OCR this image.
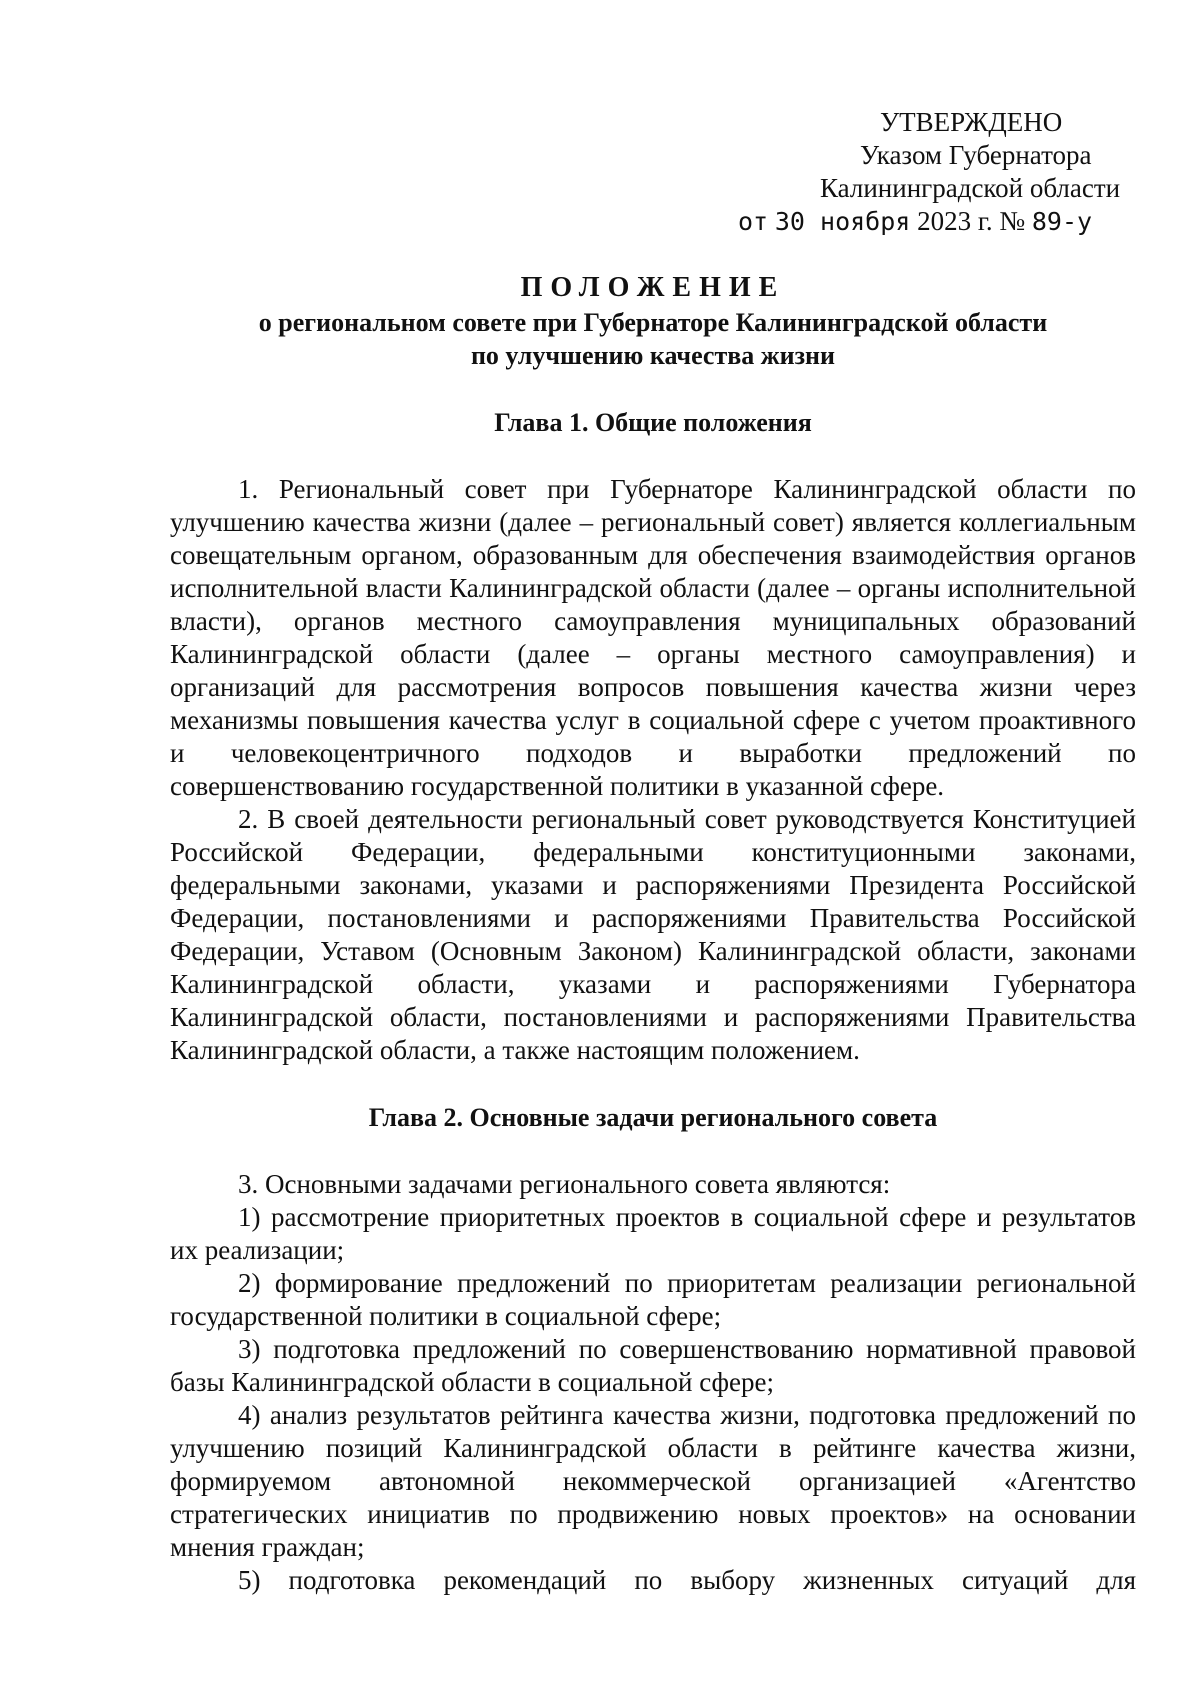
УТВЕРЖДЕНО
Указом Губернатора
Калининградской области
от 30 ноября 2023 г. № 89-у
ПОЛОЖЕНИЕ
о региональном совете при Губернаторе Калининградской области
по улучшению качества жизни
Глава 1. Общие положения

1. Региональный совет при Губернаторе Калининградской области по улучшению качества жизни (далее – региональный совет) является коллегиальным совещательным органом, образованным для обеспечения взаимодействия органов исполнительной власти Калининградской области (далее – органы исполнительной власти), органов местного самоуправления муниципальных образований Калининградской области (далее – органы местного самоуправления) и организаций для рассмотрения вопросов повышения качества жизни через механизмы повышения качества услуг в социальной сфере с учетом проактивного и человекоцентричного подходов и выработки предложений по совершенствованию государственной политики в указанной сфере.

2. В своей деятельности региональный совет руководствуется Конституцией Российской Федерации, федеральными конституционными законами, федеральными законами, указами и распоряжениями Президента Российской Федерации, постановлениями и распоряжениями Правительства Российской Федерации, Уставом (Основным Законом) Калининградской области, законами Калининградской области, указами и распоряжениями Губернатора Калининградской области, постановлениями и распоряжениями Правительства Калининградской области, а также настоящим положением.

Глава 2. Основные задачи регионального совета

3. Основными задачами регионального совета являются:

1) рассмотрение приоритетных проектов в социальной сфере и результатов их реализации;

2) формирование предложений по приоритетам реализации региональной государственной политики в социальной сфере;

3) подготовка предложений по совершенствованию нормативной правовой базы Калининградской области в социальной сфере;

4) анализ результатов рейтинга качества жизни, подготовка предложений по улучшению позиций Калининградской области в рейтинге качества жизни, формируемом автономной некоммерческой организацией «Агентство стратегических инициатив по продвижению новых проектов» на основании мнения граждан;

5) подготовка рекомендаций по выбору жизненных ситуаций для
